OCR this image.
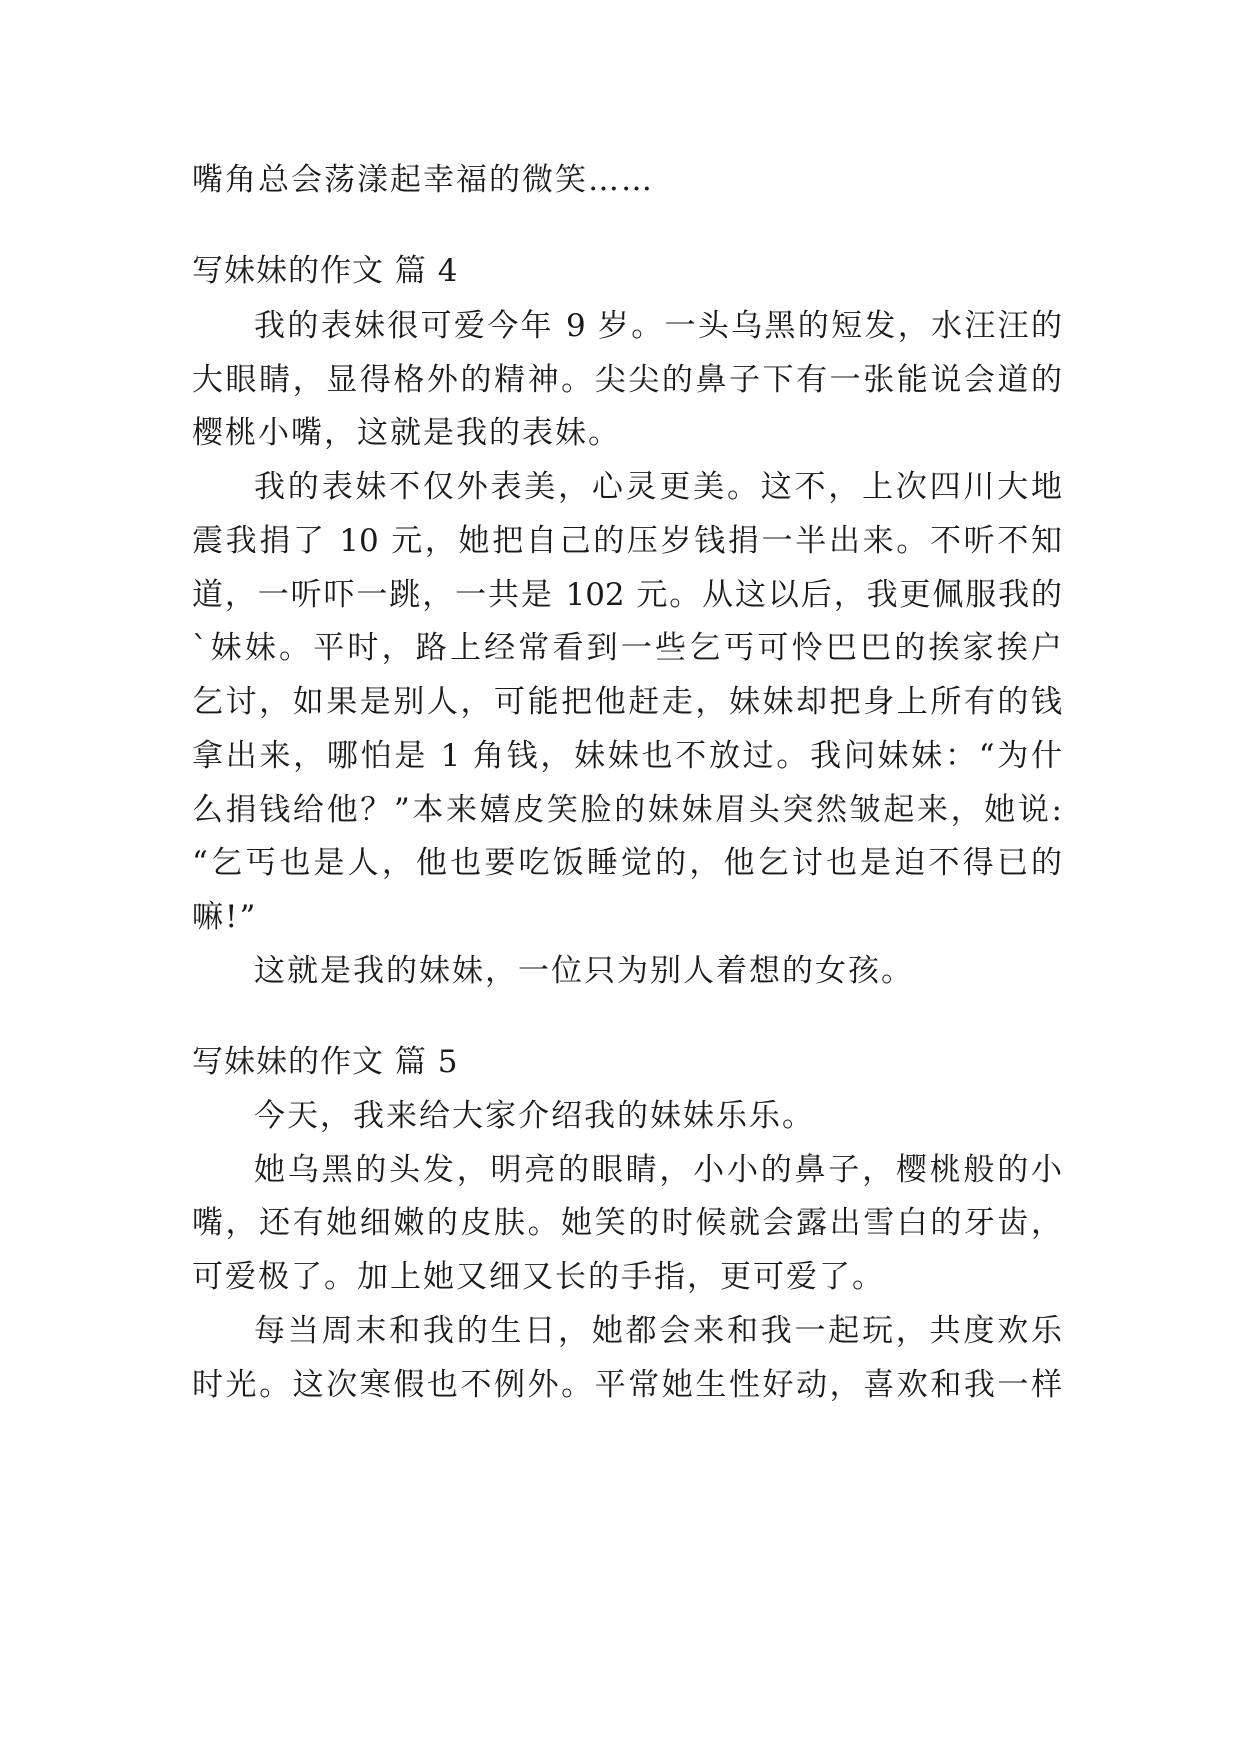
嘴角总会荡漾起幸福的微笑……
写妹妹的作文 篇 4
我的表妹很可爱今年 9 岁。一头乌黑的短发，水汪汪的
大眼睛，显得格外的精神。尖尖的鼻子下有一张能说会道的
樱桃小嘴，这就是我的表妹。
我的表妹不仅外表美，心灵更美。这不，上次四川大地
震我捐了 10 元，她把自己的压岁钱捐一半出来。不听不知
道，一听吓一跳，一共是 102 元。从这以后，我更佩服我的
`妹妹。平时，路上经常看到一些乞丐可怜巴巴的挨家挨户
乞讨，如果是别人，可能把他赶走，妹妹却把身上所有的钱
拿出来，哪怕是 1 角钱，妹妹也不放过。我问妹妹：“为什
么捐钱给他？”本来嬉皮笑脸的妹妹眉头突然皱起来，她说:
“乞丐也是人，他也要吃饭睡觉的，他乞讨也是迫不得已的
嘛!”
这就是我的妹妹，一位只为别人着想的女孩。
写妹妹的作文 篇 5
今天，我来给大家介绍我的妹妹乐乐。
她乌黑的头发，明亮的眼睛，小小的鼻子，樱桃般的小
嘴，还有她细嫩的皮肤。她笑的时候就会露出雪白的牙齿，
可爱极了。加上她又细又长的手指，更可爱了。
每当周末和我的生日，她都会来和我一起玩，共度欢乐
时光。这次寒假也不例外。平常她生性好动，喜欢和我一样
